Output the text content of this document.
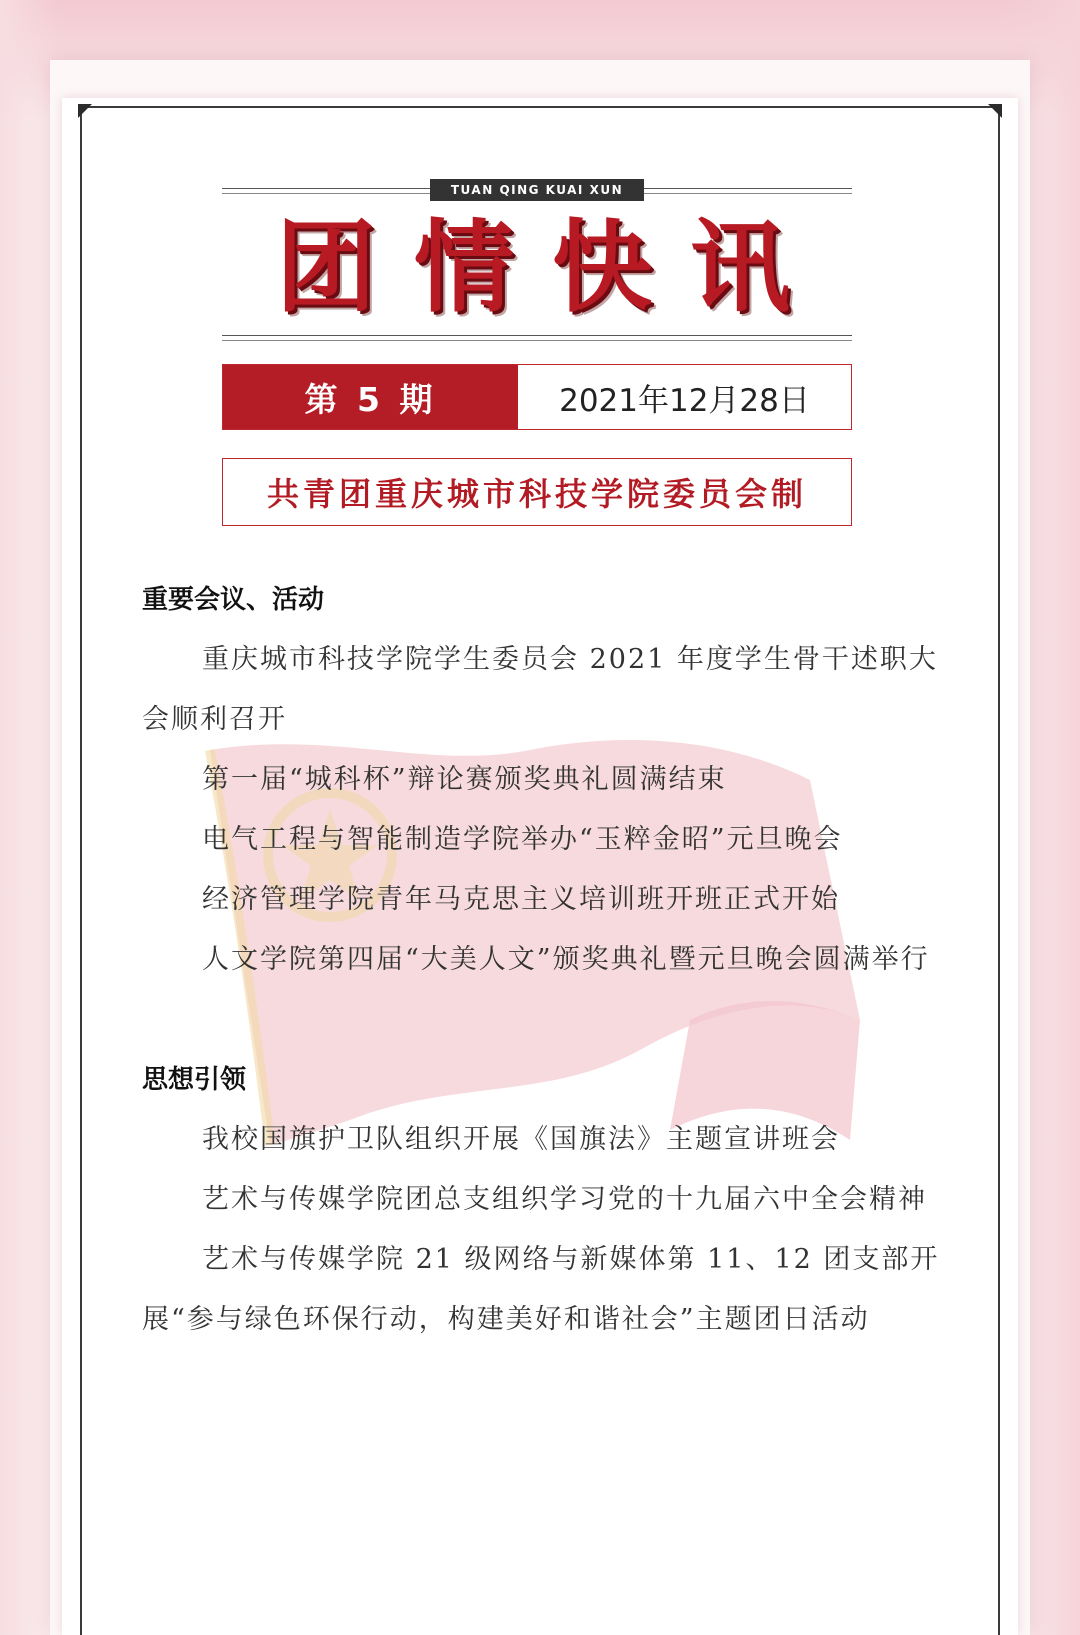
TUAN QING KUAI XUN
团情快讯
第 5 期	2021年12月28日
共青团重庆城市科技学院委员会制

重要会议、活动

重庆城市科技学院学生委员会 2021 年度学生骨干述职大会顺利召开

第一届“城科杯”辩论赛颁奖典礼圆满结束

电气工程与智能制造学院举办“玉粹金昭”元旦晚会

经济管理学院青年马克思主义培训班开班正式开始

人文学院第四届“大美人文”颁奖典礼暨元旦晚会圆满举行

思想引领

我校国旗护卫队组织开展《国旗法》主题宣讲班会

艺术与传媒学院团总支组织学习党的十九届六中全会精神

艺术与传媒学院 21 级网络与新媒体第 11、12 团支部开展“参与绿色环保行动，构建美好和谐社会”主题团日活动
